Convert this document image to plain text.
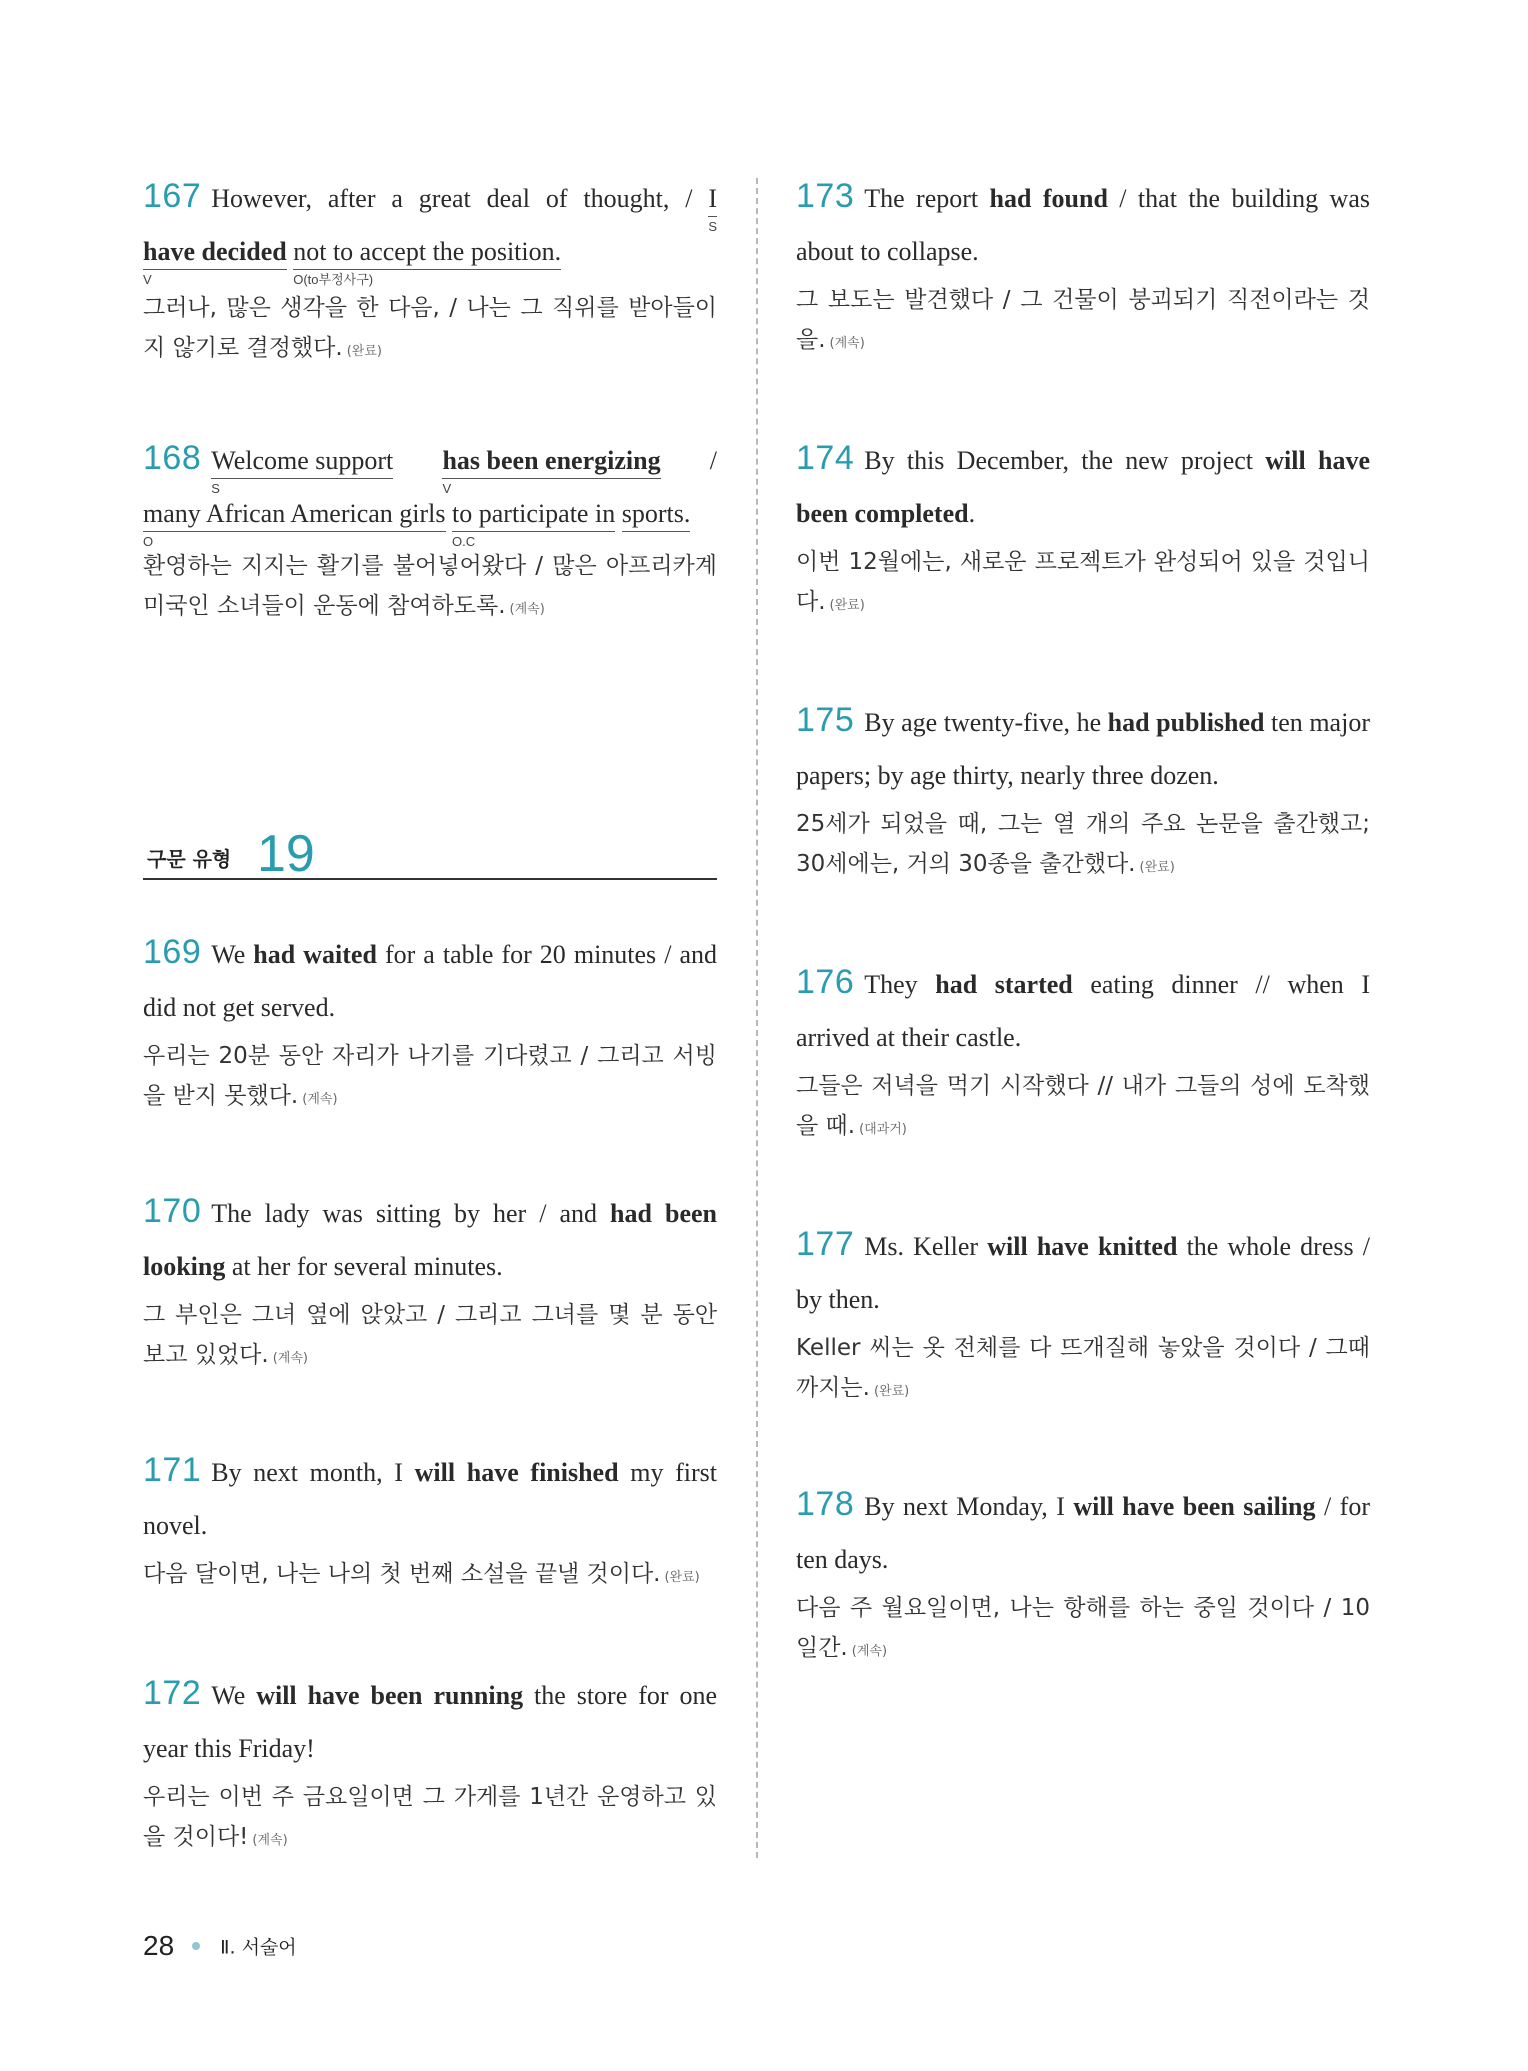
167 However, after a great deal of thought, / I
S
have decided
V
not to accept the position.
O(to부정사구)
그러나, 많은 생각을 한 다음, / 나는 그 직위를 받아들이지 않기로 결정했다. (완료)
168 Welcome support
S
has been energizing
V
/ many African American girls
O
to participate in
O.C
sports.
환영하는 지지는 활기를 불어넣어왔다 / 많은 아프리카계 미국인 소녀들이 운동에 참여하도록. (계속)
구문 유형 19
169 We had waited for a table for 20 minutes / and did not get served.
우리는 20분 동안 자리가 나기를 기다렸고 / 그리고 서빙을 받지 못했다. (계속)
170 The lady was sitting by her / and had been looking at her for several minutes.
그 부인은 그녀 옆에 앉았고 / 그리고 그녀를 몇 분 동안 보고 있었다. (계속)
171 By next month, I will have finished my first novel.
다음 달이면, 나는 나의 첫 번째 소설을 끝낼 것이다. (완료)
172 We will have been running the store for one year this Friday!
우리는 이번 주 금요일이면 그 가게를 1년간 운영하고 있을 것이다! (계속)
173 The report had found / that the building was about to collapse.
그 보도는 발견했다 / 그 건물이 붕괴되기 직전이라는 것을. (계속)
174 By this December, the new project will have been completed.
이번 12월에는, 새로운 프로젝트가 완성되어 있을 것입니다. (완료)
175 By age twenty-five, he had published ten major papers; by age thirty, nearly three dozen.
25세가 되었을 때, 그는 열 개의 주요 논문을 출간했고; 30세에는, 거의 30종을 출간했다. (완료)
176 They had started eating dinner // when I arrived at their castle.
그들은 저녁을 먹기 시작했다 // 내가 그들의 성에 도착했을 때. (대과거)
177 Ms. Keller will have knitted the whole dress / by then.
Keller 씨는 옷 전체를 다 뜨개질해 놓았을 것이다 / 그때까지는. (완료)
178 By next Monday, I will have been sailing / for ten days.
다음 주 월요일이면, 나는 항해를 하는 중일 것이다 / 10일간. (계속)
28 Ⅱ. 서술어
